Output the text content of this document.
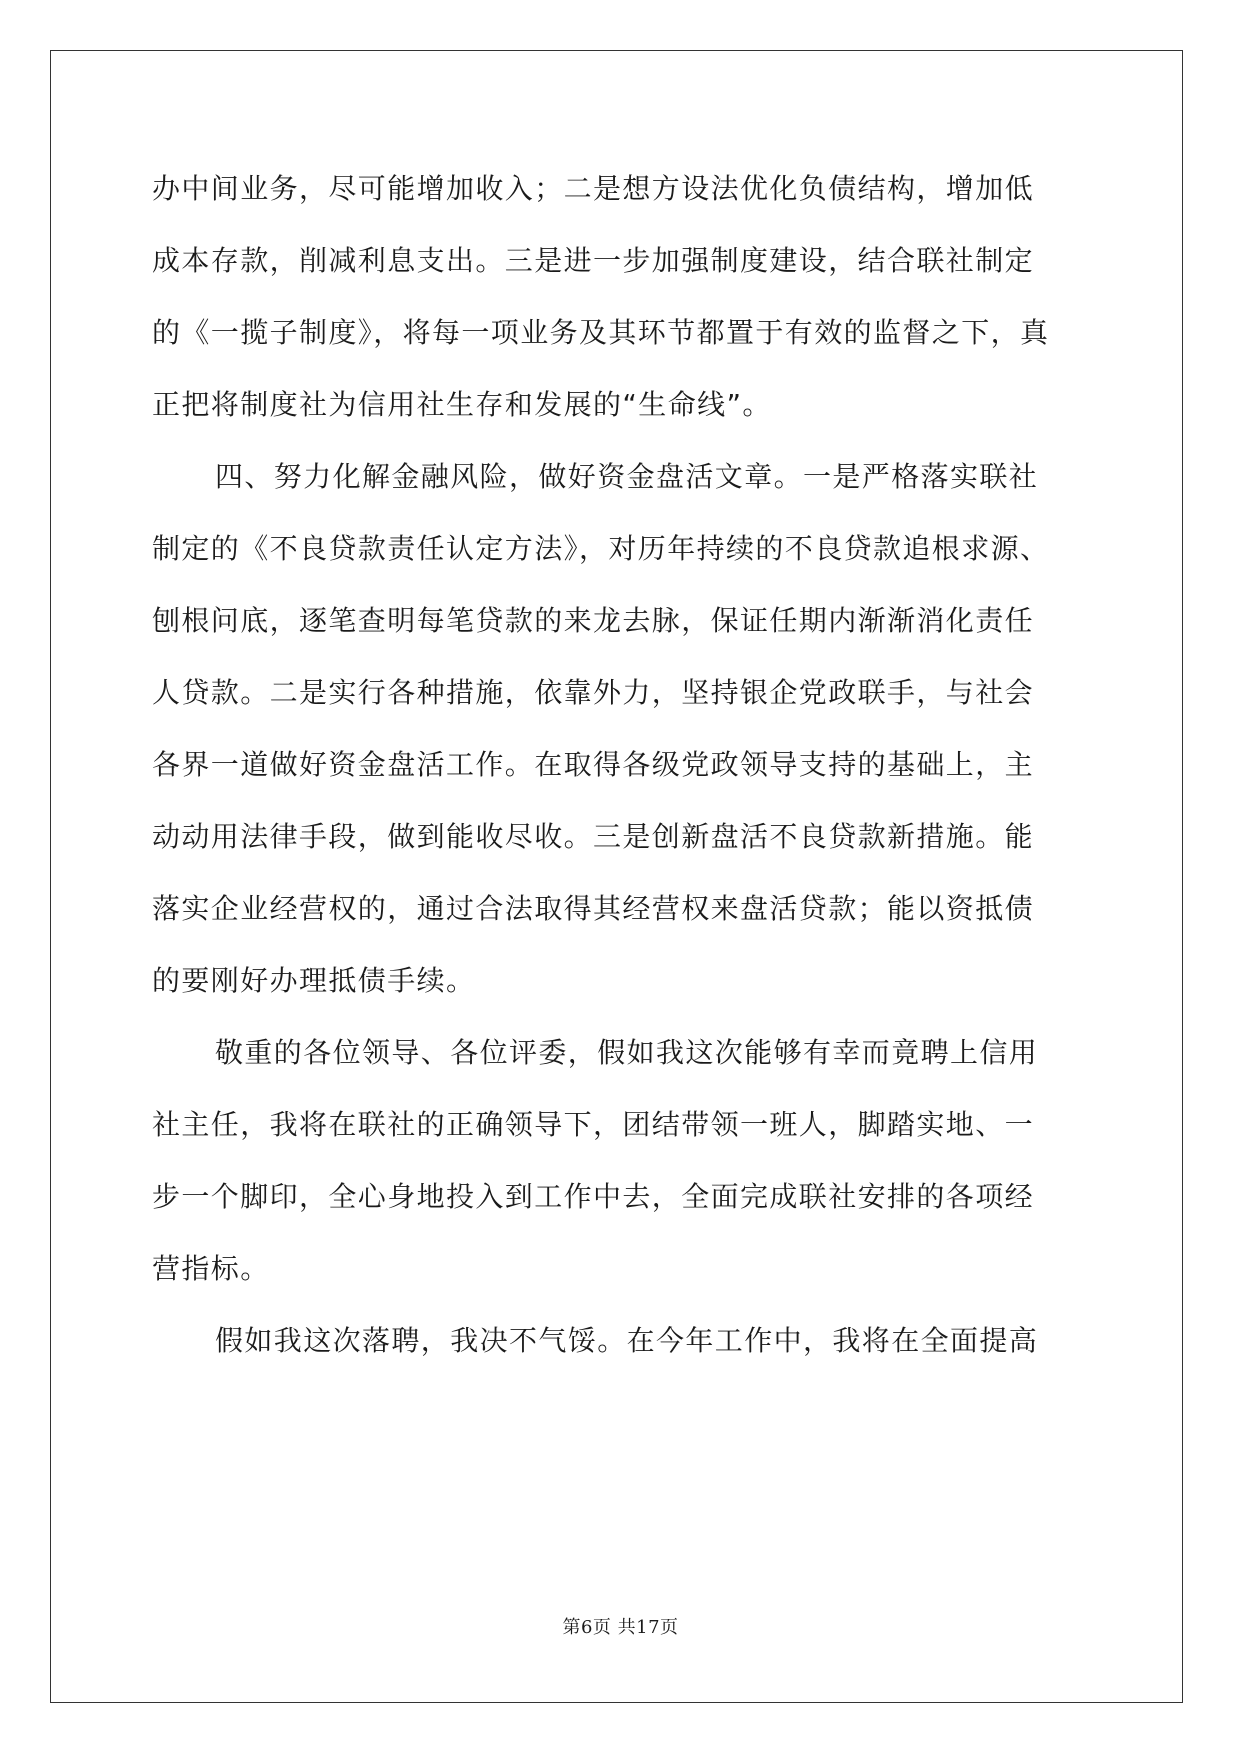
办中间业务，尽可能增加收入；二是想方设法优化负债结构，增加低
成本存款，削减利息支出。三是进一步加强制度建设，结合联社制定
的《一揽子制度》，将每一项业务及其环节都置于有效的监督之下，真
正把将制度社为信用社生存和发展的“生命线”。
四、努力化解金融风险，做好资金盘活文章。一是严格落实联社
制定的《不良贷款责任认定方法》，对历年持续的不良贷款追根求源、
刨根问底，逐笔查明每笔贷款的来龙去脉，保证任期内渐渐消化责任
人贷款。二是实行各种措施，依靠外力，坚持银企党政联手，与社会
各界一道做好资金盘活工作。在取得各级党政领导支持的基础上，主
动动用法律手段，做到能收尽收。三是创新盘活不良贷款新措施。能
落实企业经营权的，通过合法取得其经营权来盘活贷款；能以资抵债
的要刚好办理抵债手续。
敬重的各位领导、各位评委，假如我这次能够有幸而竟聘上信用
社主任，我将在联社的正确领导下，团结带领一班人，脚踏实地、一
步一个脚印，全心身地投入到工作中去，全面完成联社安排的各项经
营指标。
假如我这次落聘，我决不气馁。在今年工作中，我将在全面提高
第6页 共17页
